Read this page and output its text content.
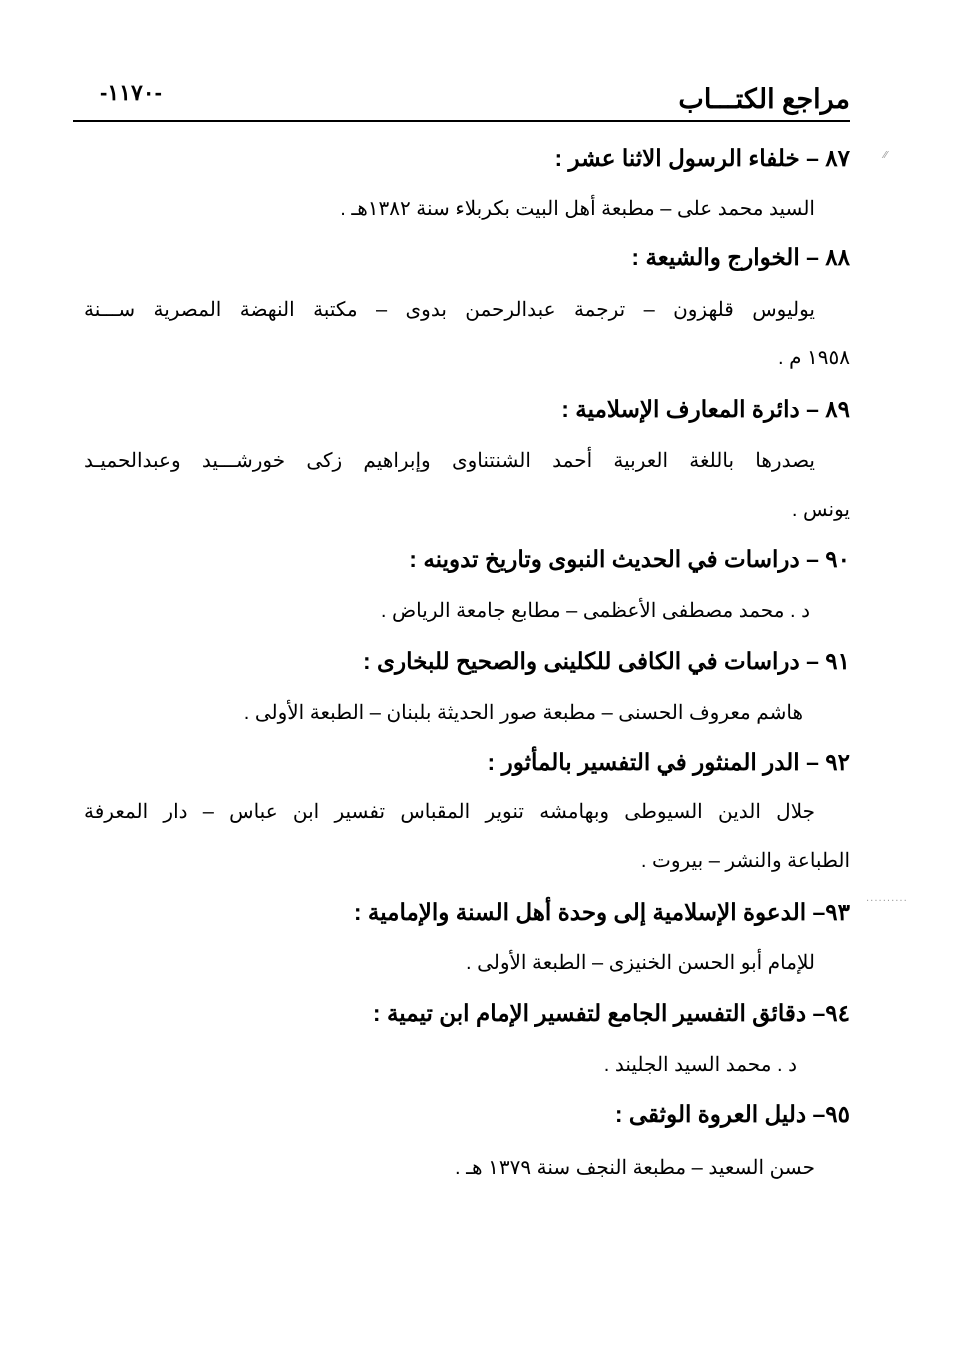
-١١٧٠-	مراجع الكتـــاب
⁄⁄
٨٧ – خلفاء الرسول الاثنا عشر :
السيد محمد على – مطبعة أهل البيت بكربلاء سنة ١٣٨٢هـ .
٨٨ – الخوارج والشيعة :
يوليوس قلهزون – ترجمة عبدالرحمن بدوى – مكتبة النهضة المصرية ســـنة
١٩٥٨ م .
٨٩ – دائرة المعارف الإسلامية :
يصدرها باللغة العربية أحمد الشنتناوى وإبراهيم زكى خورشـــيد وعبدالحميـد
يونس .
٩٠ – دراسات في الحديث النبوى وتاريخ تدوينه :
د . محمد مصطفى الأعظمى – مطابع جامعة الرياض .
٩١ – دراسات في الكافى للكلينى والصحيح للبخارى :
هاشم معروف الحسنى – مطبعة صور الحديثة بلبنان – الطبعة الأولى .
٩٢ – الدر المنثور في التفسير بالمأثور :
جلال الدين السيوطى وبهامشه تنوير المقباس تفسير ابن عباس – دار المعرفة
الطباعة والنشر – بيروت .
٩٣– الدعوة الإسلامية إلى وحدة أهل السنة والإمامية : ··········
للإمام أبو الحسن الخنيزى – الطبعة الأولى .
٩٤– دقائق التفسير الجامع لتفسير الإمام ابن تيمية :
د . محمد السيد الجليند .
٩٥– دليل العروة الوثقى :
حسن السعيد – مطبعة النجف سنة ١٣٧٩ هـ .
